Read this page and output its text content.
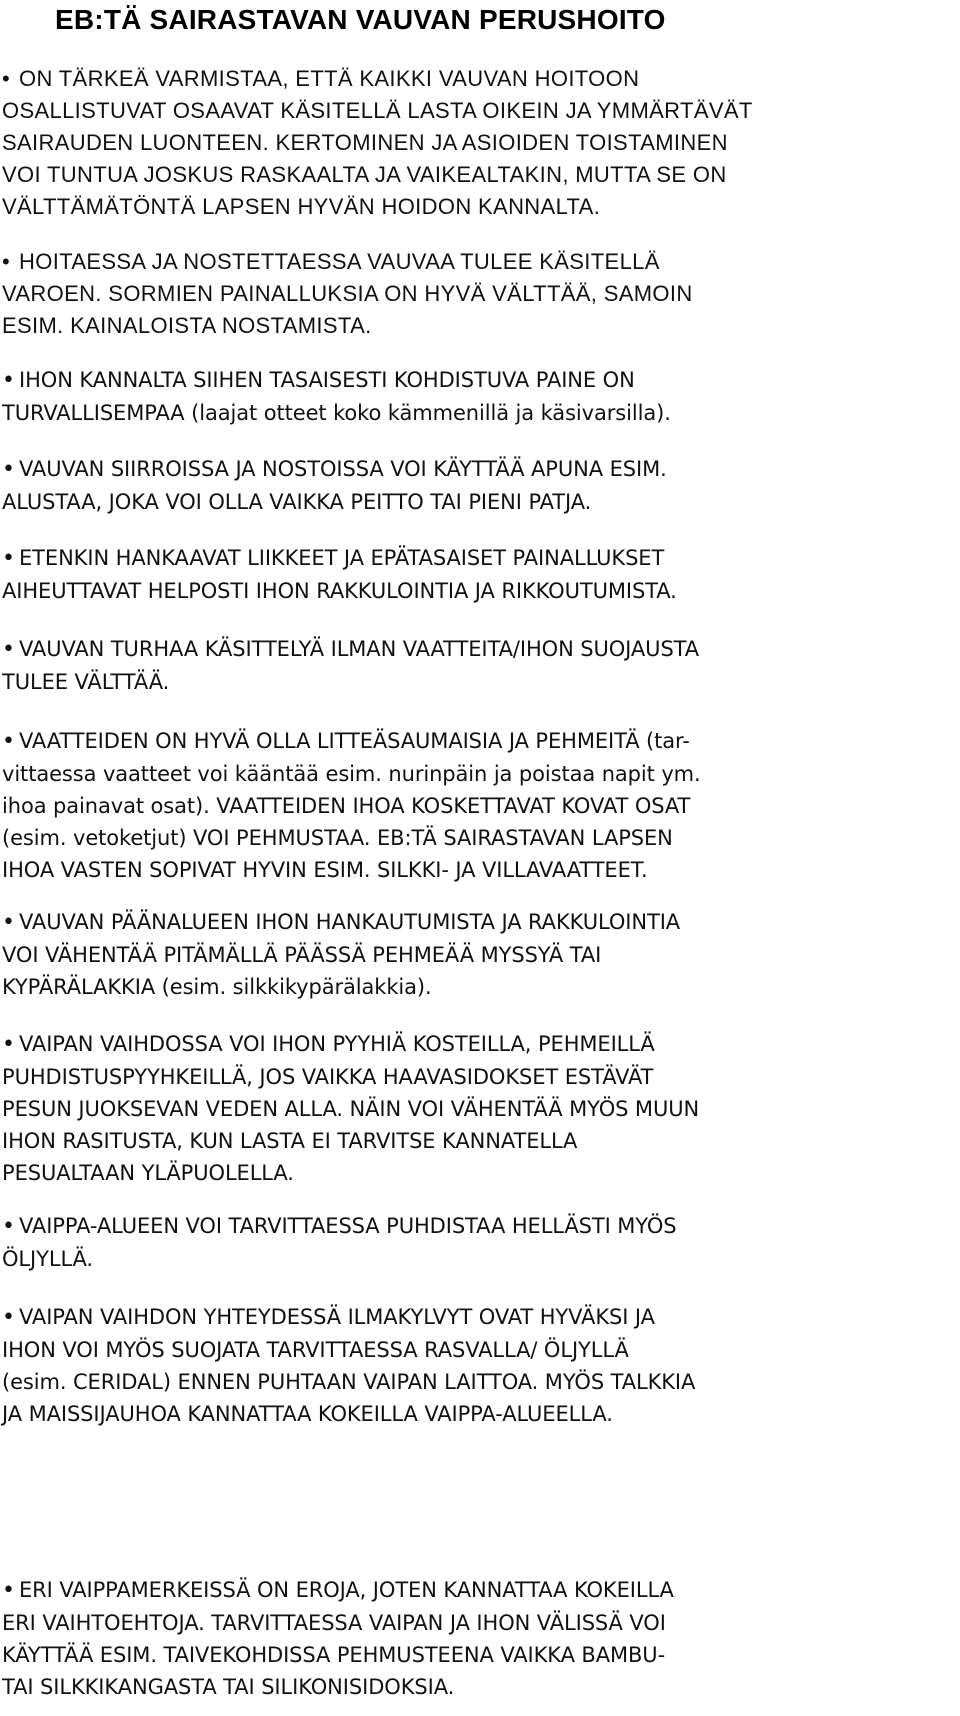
EB:TÄ SAIRASTAVAN VAUVAN PERUSHOITO
• ON TÄRKEÄ VARMISTAA, ETTÄ KAIKKI VAUVAN HOITOON
OSALLISTUVAT OSAAVAT KÄSITELLÄ LASTA OIKEIN JA YMMÄRTÄVÄT
SAIRAUDEN LUONTEEN. KERTOMINEN JA ASIOIDEN TOISTAMINEN
VOI TUNTUA JOSKUS RASKAALTA JA VAIKEALTAKIN, MUTTA SE ON
VÄLTTÄMÄTÖNTÄ LAPSEN HYVÄN HOIDON KANNALTA.
• HOITAESSA JA NOSTETTAESSA VAUVAA TULEE KÄSITELLÄ
VAROEN. SORMIEN PAINALLUKSIA ON HYVÄ VÄLTTÄÄ, SAMOIN
ESIM. KAINALOISTA NOSTAMISTA.
• IHON KANNALTA SIIHEN TASAISESTI KOHDISTUVA PAINE ON
TURVALLISEMPAA (laajat otteet koko kämmenillä ja käsivarsilla).
• VAUVAN SIIRROISSA JA NOSTOISSA VOI KÄYTTÄÄ APUNA ESIM.
ALUSTAA, JOKA VOI OLLA VAIKKA PEITTO TAI PIENI PATJA.
• ETENKIN HANKAAVAT LIIKKEET JA EPÄTASAISET PAINALLUKSET
AIHEUTTAVAT HELPOSTI IHON RAKKULOINTIA JA RIKKOUTUMISTA.
• VAUVAN TURHAA KÄSITTELYÄ ILMAN VAATTEITA/IHON SUOJAUSTA
TULEE VÄLTTÄÄ.
• VAATTEIDEN ON HYVÄ OLLA LITTEÄSAUMAISIA JA PEHMEITÄ (tar-
vittaessa vaatteet voi kääntää esim. nurinpäin ja poistaa napit ym.
ihoa painavat osat). VAATTEIDEN IHOA KOSKETTAVAT KOVAT OSAT
(esim. vetoketjut) VOI PEHMUSTAA. EB:TÄ SAIRASTAVAN LAPSEN
IHOA VASTEN SOPIVAT HYVIN ESIM. SILKKI- JA VILLAVAATTEET.
• VAUVAN PÄÄNALUEEN IHON HANKAUTUMISTA JA RAKKULOINTIA
VOI VÄHENTÄÄ PITÄMÄLLÄ PÄÄSSÄ PEHMEÄÄ MYSSYÄ TAI
KYPÄRÄLAKKIA (esim. silkkikypärälakkia).
• VAIPAN VAIHDOSSA VOI IHON PYYHIÄ KOSTEILLA, PEHMEILLÄ
PUHDISTUSPYYHKEILLÄ, JOS VAIKKA HAAVASIDOKSET ESTÄVÄT
PESUN JUOKSEVAN VEDEN ALLA. NÄIN VOI VÄHENTÄÄ MYÖS MUUN
IHON RASITUSTA, KUN LASTA EI TARVITSE KANNATELLA
PESUALTAAN YLÄPUOLELLA.
• VAIPPA-ALUEEN VOI TARVITTAESSA PUHDISTAA HELLÄSTI MYÖS
ÖLJYLLÄ.
• VAIPAN VAIHDON YHTEYDESSÄ ILMAKYLVYT OVAT HYVÄKSI JA
IHON VOI MYÖS SUOJATA TARVITTAESSA RASVALLA/ ÖLJYLLÄ
(esim. CERIDAL) ENNEN PUHTAAN VAIPAN LAITTOA. MYÖS TALKKIA
JA MAISSIJAUHOA KANNATTAA KOKEILLA VAIPPA-ALUEELLA.
• ERI VAIPPAMERKEISSÄ ON EROJA, JOTEN KANNATTAA KOKEILLA
ERI VAIHTOEHTOJA. TARVITTAESSA VAIPAN JA IHON VÄLISSÄ VOI
KÄYTTÄÄ ESIM. TAIVEKOHDISSA PEHMUSTEENA VAIKKA BAMBU-
TAI SILKKIKANGASTA TAI SILIKONISIDOKSIA.
